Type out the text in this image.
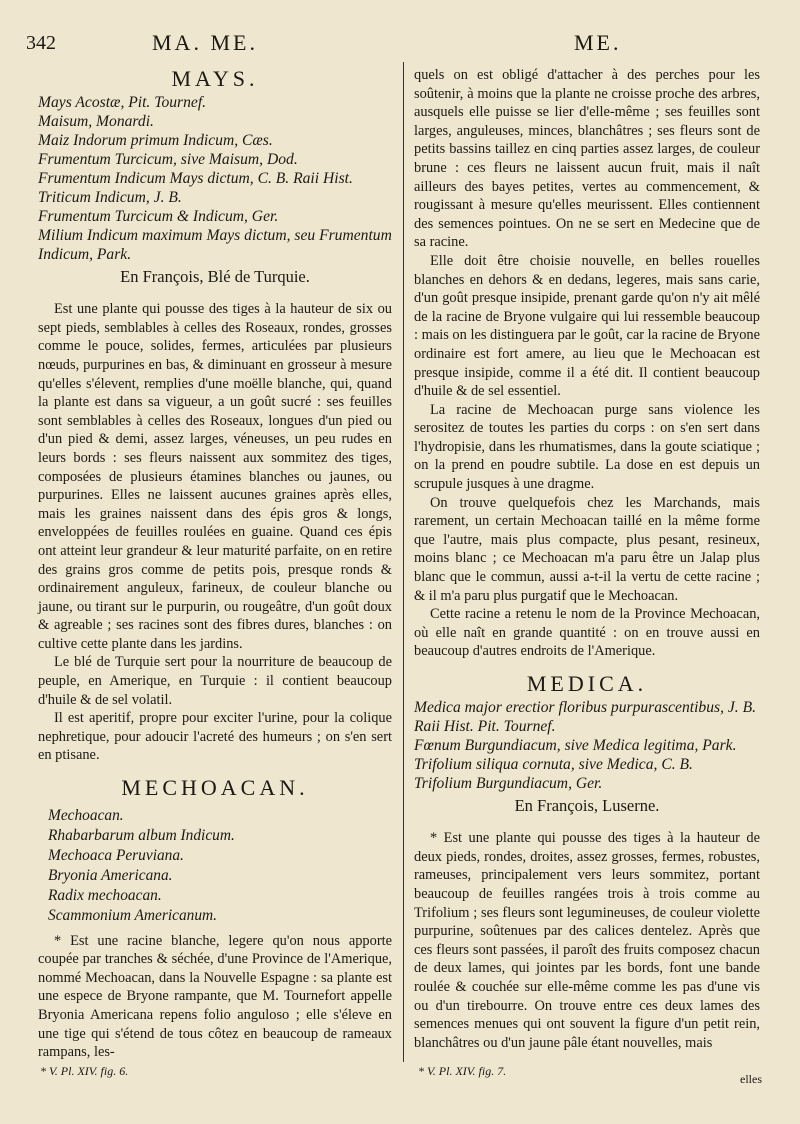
342	MA. ME.	ME.
MAYS.
Mays Acostæ, Pit. Tournef.
Maisum, Monardi.
Maiz Indorum primum Indicum, Cæs.
Frumentum Turcicum, sive Maisum, Dod.
Frumentum Indicum Mays dictum, C. B. Raii Hist.
Triticum Indicum, J. B.
Frumentum Turcicum & Indicum, Ger.
Milium Indicum maximum Mays dictum, seu Frumentum Indicum, Park.
En François, Blé de Turquie.

Est une plante qui pousse des tiges à la hauteur de six ou sept pieds, semblables à celles des Roseaux, rondes, grosses comme le pouce, solides, fermes, articulées par plusieurs nœuds, purpurines en bas, & diminuant en grosseur à mesure qu'elles s'élevent, remplies d'une moëlle blanche, qui, quand la plante est dans sa vigueur, a un goût sucré : ses feuilles sont semblables à celles des Roseaux, longues d'un pied ou d'un pied & demi, assez larges, véneuses, un peu rudes en leurs bords : ses fleurs naissent aux sommitez des tiges, composées de plusieurs étamines blanches ou jaunes, ou purpurines. Elles ne laissent aucunes graines après elles, mais les graines naissent dans des épis gros & longs, enveloppées de feuilles roulées en guaine. Quand ces épis ont atteint leur grandeur & leur maturité parfaite, on en retire des grains gros comme de petits pois, presque ronds & ordinairement anguleux, farineux, de couleur blanche ou jaune, ou tirant sur le purpurin, ou rougeâtre, d'un goût doux & agreable ; ses racines sont des fibres dures, blanches : on cultive cette plante dans les jardins.

Le blé de Turquie sert pour la nourriture de beaucoup de peuple, en Amerique, en Turquie : il contient beaucoup d'huile & de sel volatil.

Il est aperitif, propre pour exciter l'urine, pour la colique nephretique, pour adoucir l'acreté des humeurs ; on s'en sert en ptisane.

MECHOACAN.
Mechoacan.
Rhabarbarum album Indicum.
Mechoaca Peruviana.
Bryonia Americana.
Radix mechoacan.
Scammonium Americanum.

* Est une racine blanche, legere qu'on nous apporte coupée par tranches & séchée, d'une Province de l'Amerique, nommé Mechoacan, dans la Nouvelle Espagne : sa plante est une espece de Bryone rampante, que M. Tournefort appelle Bryonia Americana repens folio anguloso ; elle s'éleve en une tige qui s'étend de tous côtez en beaucoup de rameaux rampans, les-

quels on est obligé d'attacher à des perches pour les soûtenir, à moins que la plante ne croisse proche des arbres, ausquels elle puisse se lier d'elle-même ; ses feuilles sont larges, anguleuses, minces, blanchâtres ; ses fleurs sont de petits bassins taillez en cinq parties assez larges, de couleur brune : ces fleurs ne laissent aucun fruit, mais il naît ailleurs des bayes petites, vertes au commencement, & rougissant à mesure qu'elles meurissent. Elles contiennent des semences pointues. On ne se sert en Medecine que de sa racine.

Elle doit être choisie nouvelle, en belles rouelles blanches en dehors & en dedans, legeres, mais sans carie, d'un goût presque insipide, prenant garde qu'on n'y ait mêlé de la racine de Bryone vulgaire qui lui ressemble beaucoup : mais on les distinguera par le goût, car la racine de Bryone ordinaire est fort amere, au lieu que le Mechoacan est presque insipide, comme il a été dit. Il contient beaucoup d'huile & de sel essentiel.

La racine de Mechoacan purge sans violence les serositez de toutes les parties du corps : on s'en sert dans l'hydropisie, dans les rhumatismes, dans la goute sciatique ; on la prend en poudre subtile. La dose en est depuis un scrupule jusques à une dragme.

On trouve quelquefois chez les Marchands, mais rarement, un certain Mechoacan taillé en la même forme que l'autre, mais plus compacte, plus pesant, resineux, moins blanc ; ce Mechoacan m'a paru être un Jalap plus blanc que le commun, aussi a-t-il la vertu de cette racine ; & il m'a paru plus purgatif que le Mechoacan.

Cette racine a retenu le nom de la Province Mechoacan, où elle naît en grande quantité : on en trouve aussi en beaucoup d'autres endroits de l'Amerique.

MEDICA.
Medica major erectior floribus purpurascentibus, J. B. Raii Hist. Pit. Tournef.
Fœnum Burgundiacum, sive Medica legitima, Park.
Trifolium siliqua cornuta, sive Medica, C. B.
Trifolium Burgundiacum, Ger.
En François, Luserne.

* Est une plante qui pousse des tiges à la hauteur de deux pieds, rondes, droites, assez grosses, fermes, robustes, rameuses, principalement vers leurs sommitez, portant beaucoup de feuilles rangées trois à trois comme au Trifolium ; ses fleurs sont legumineuses, de couleur violette purpurine, soûtenues par des calices dentelez. Après que ces fleurs sont passées, il paroît des fruits composez chacun de deux lames, qui jointes par les bords, font une bande roulée & couchée sur elle-même comme les pas d'une vis ou d'un tirebourre. On trouve entre ces deux lames des semences menues qui ont souvent la figure d'un petit rein, blanchâtres ou d'un jaune pâle étant nouvelles, mais

* V. Pl. XIV. fig. 6.	* V. Pl. XIV. fig. 7.
elles
